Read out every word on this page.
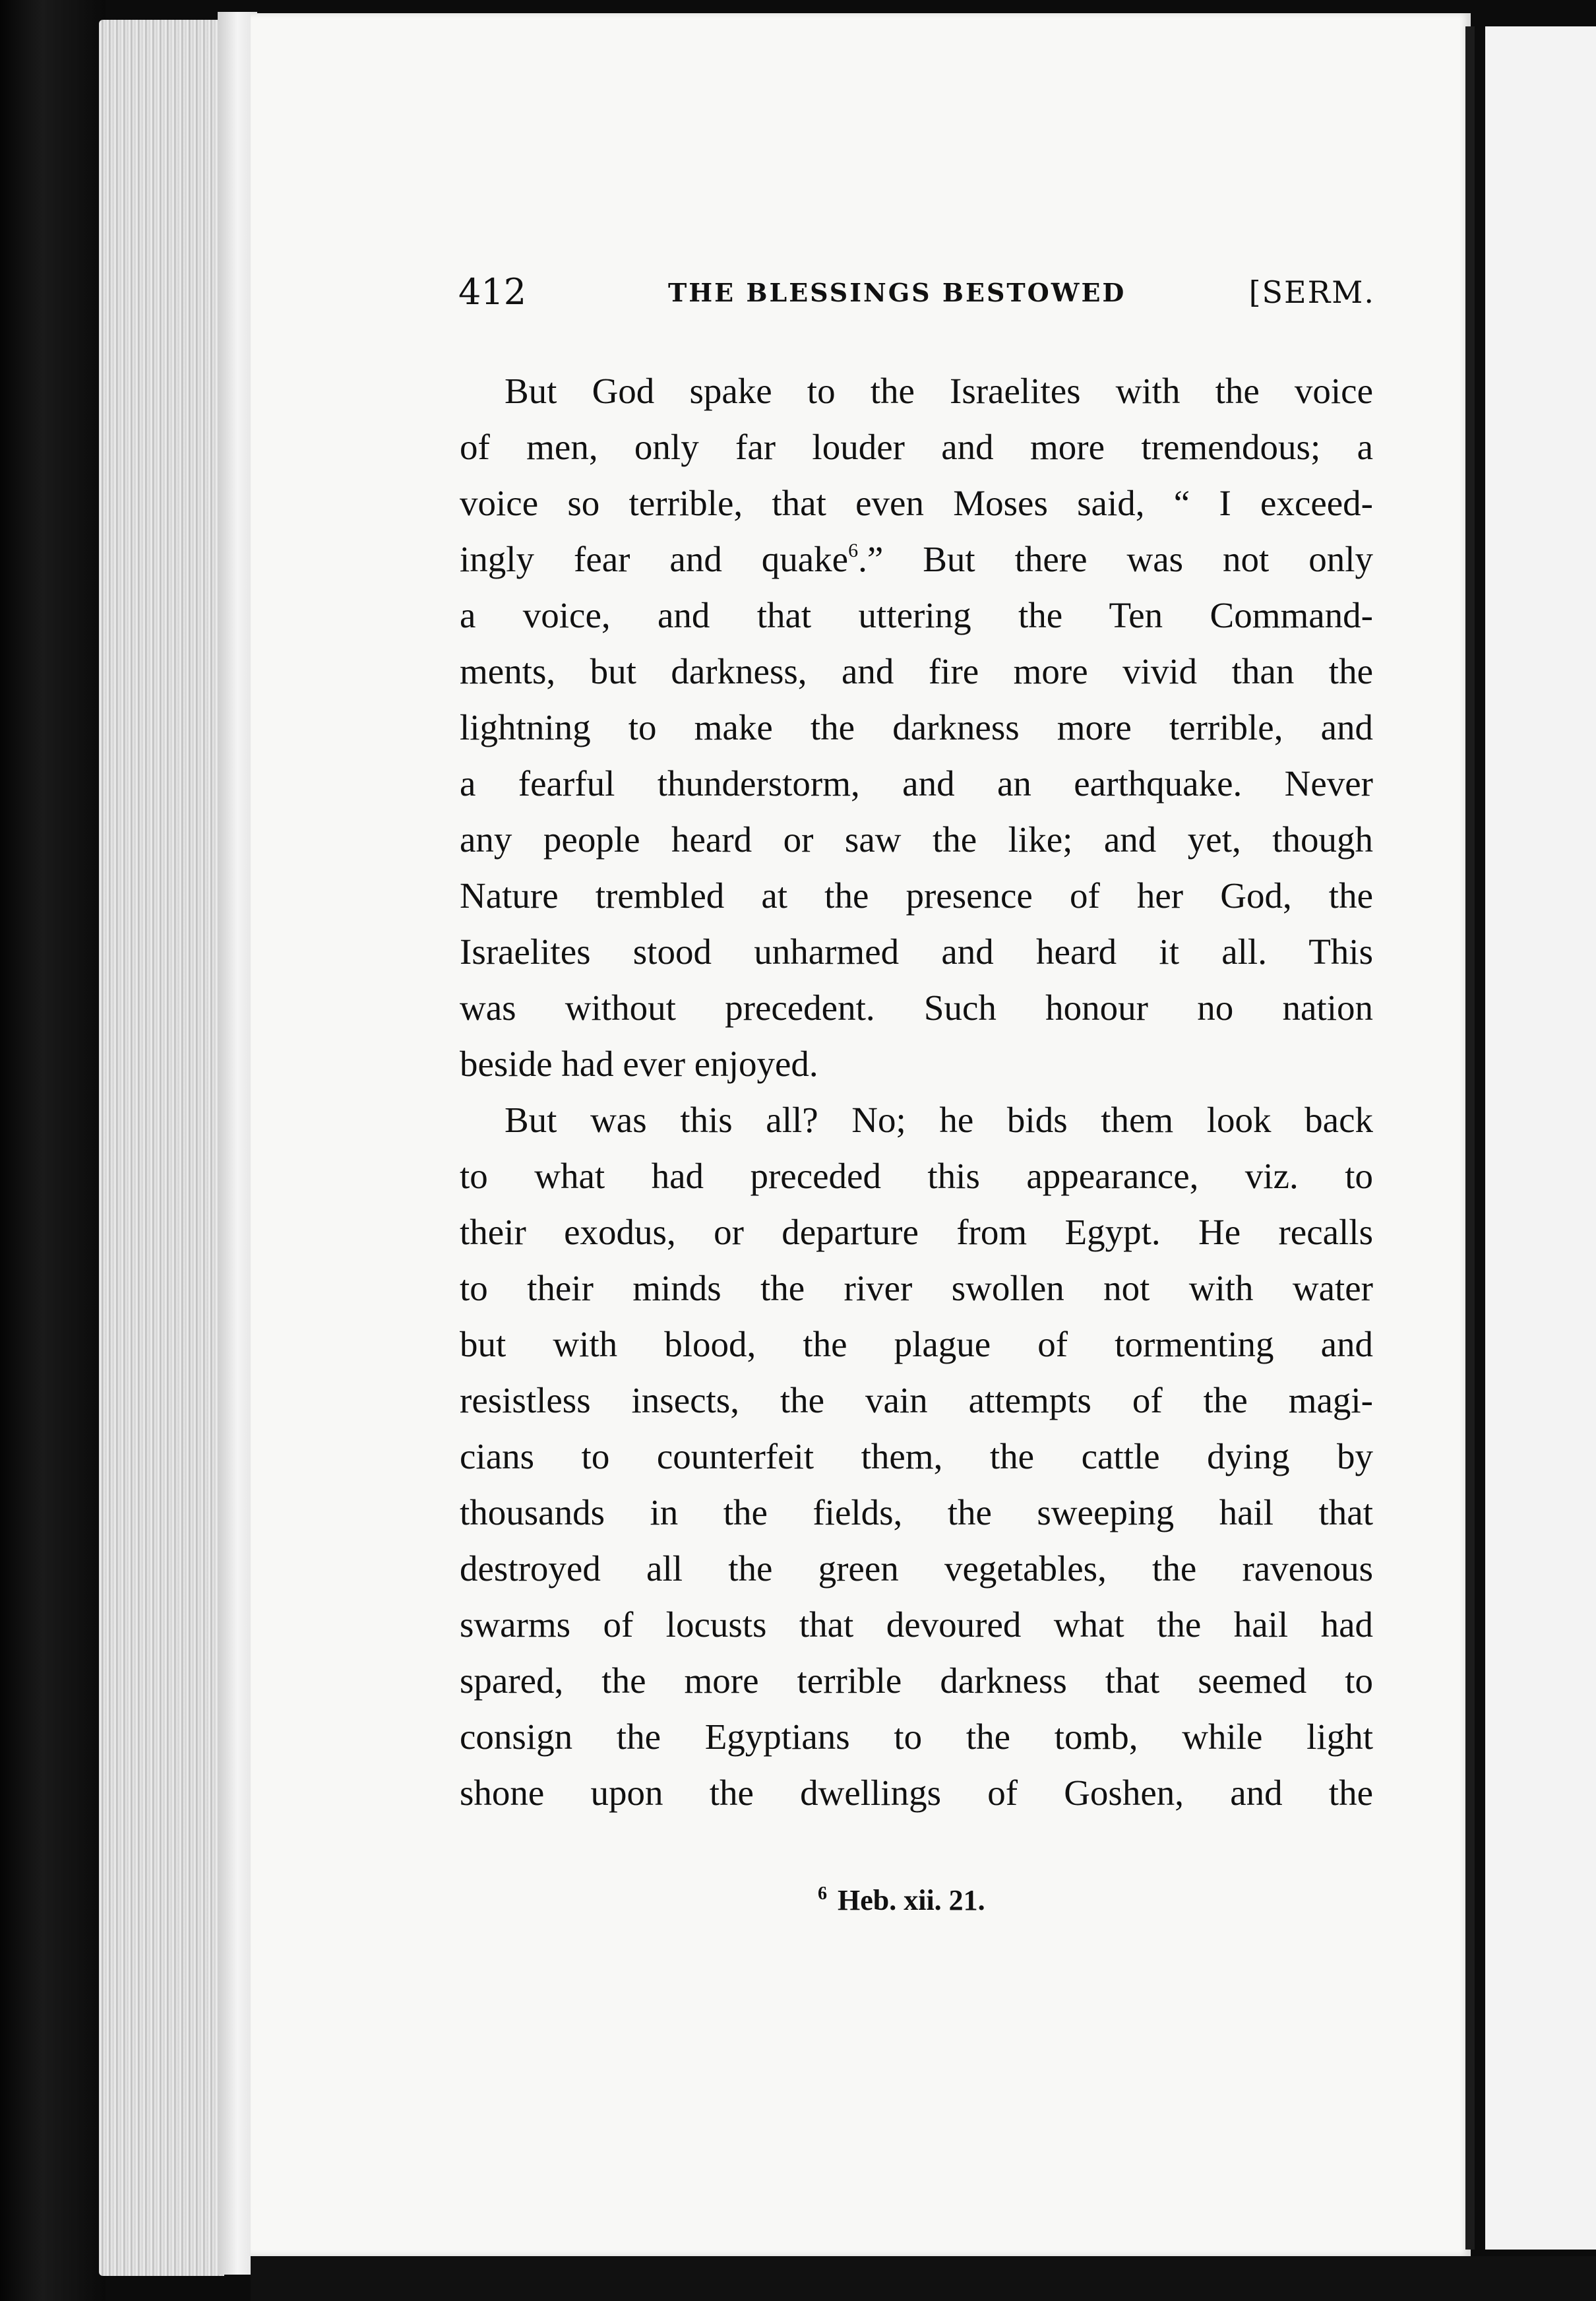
412	THE BLESSINGS BESTOWED	[SERM.
But God spake to the Israelites with the voice
of men, only far louder and more tremendous; a
voice so terrible, that even Moses said, “ I exceed-
ingly fear and quake$^6$.” But there was not only
a voice, and that uttering the Ten Command-
ments, but darkness, and fire more vivid than the
lightning to make the darkness more terrible, and
a fearful thunderstorm, and an earthquake. Never
any people heard or saw the like; and yet, though
Nature trembled at the presence of her God, the
Israelites stood unharmed and heard it all. This
was without precedent. Such honour no nation
beside had ever enjoyed.
But was this all? No; he bids them look back
to what had preceded this appearance, viz. to
their exodus, or departure from Egypt. He recalls
to their minds the river swollen not with water
but with blood, the plague of tormenting and
resistless insects, the vain attempts of the magi-
cians to counterfeit them, the cattle dying by
thousands in the fields, the sweeping hail that
destroyed all the green vegetables, the ravenous
swarms of locusts that devoured what the hail had
spared, the more terrible darkness that seemed to
consign the Egyptians to the tomb, while light
shone upon the dwellings of Goshen, and the
$^6$ Heb. xii. 21.
